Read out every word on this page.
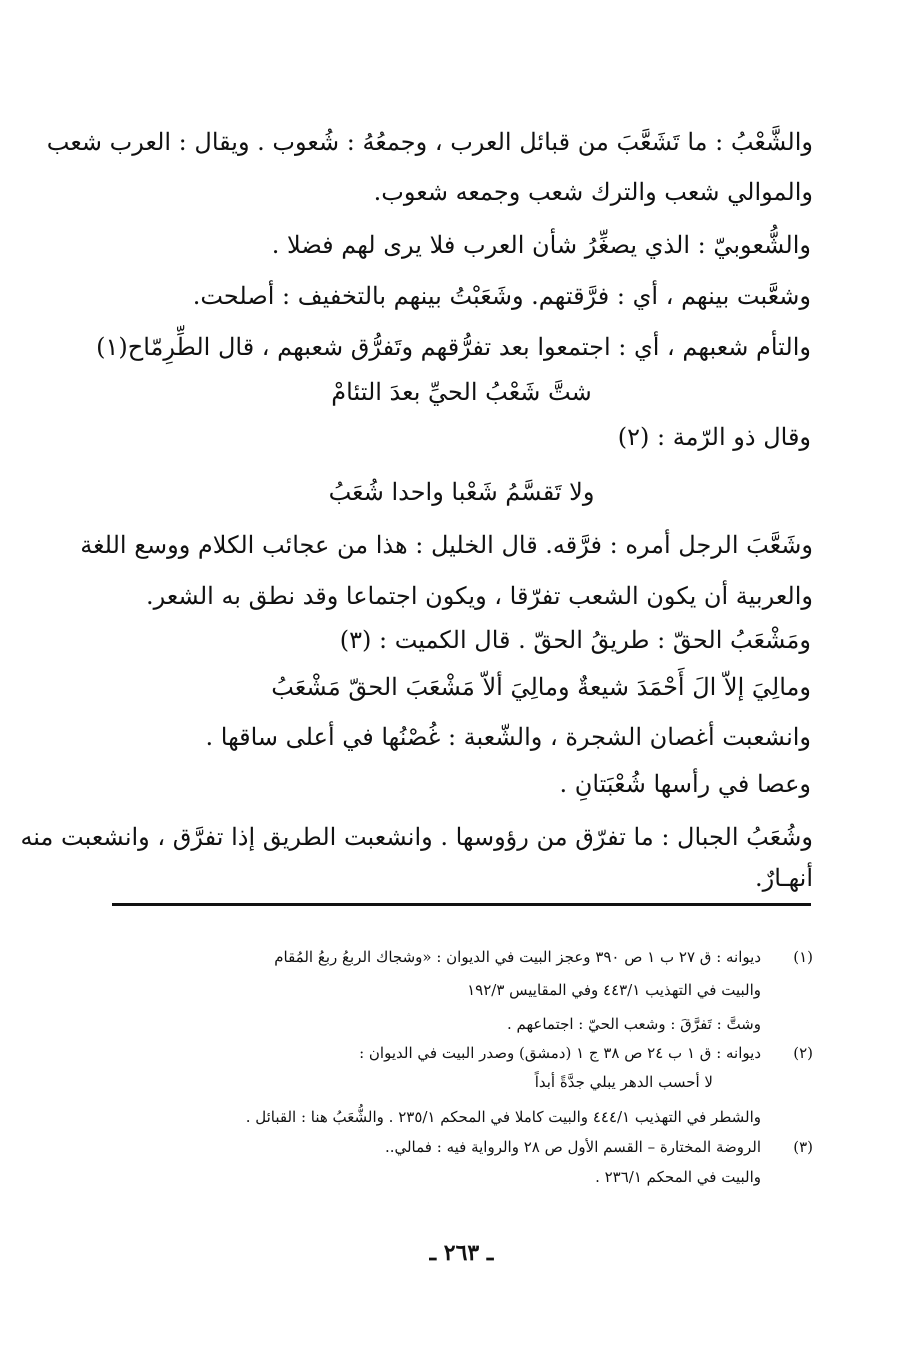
والشَّعْبُ : ما تَشَعَّبَ من قبائل العرب ، وجمعُهُ : شُعوب . ويقال : العرب شعب
والموالي شعب والترك شعب وجمعه شعوب.
والشُّعوبيّ : الذي يصغِّرُ شأن العرب فلا يرى لهم فضلا .
وشعَّبت بينهم ، أي : فرَّقتهم. وشَعَبْتُ بينهم بالتخفيف : أصلحت.
والتأم شعبهم ، أي : اجتمعوا بعد تفرُّقهم وتَفرُّق شعبهم ، قال الطِّرِمّاح(١)
شتَّ شَعْبُ الحيِّ بعدَ التئامْ
وقال ذو الرّمة : (٢)
ولا تَقسَّمُ شَعْبا واحدا شُعَبُ
وشَعَّبَ الرجل أمره : فرَّقه. قال الخليل : هذا من عجائب الكلام ووسع اللغة
والعربية أن يكون الشعب تفرّقا ، ويكون اجتماعا وقد نطق به الشعر.
ومَشْعَبُ الحقّ : طريقُ الحقّ . قال الكميت : (٣)
ومالِيَ إلاّ الَ أَحْمَدَ شيعةٌ ومالِيَ ألاّ مَشْعَبَ الحقّ مَشْعَبُ
وانشعبت أغصان الشجرة ، والشّعبة : غُصْنُها في أعلى ساقها .
وعصا في رأسها شُعْبَتانِ .
وشُعَبُ الجبال : ما تفرّق من رؤوسها . وانشعبت الطريق إذا تفرَّق ، وانشعبت منه
أنهـارٌ.
(١)
ديوانه : ق ٢٧ ب ١ ص ٣٩٠ وعجز البيت في الديوان : «وشجاك الربعُ ربعُ المُقام
والبيت في التهذيب ٤٤٣/١ وفي المقاييس ١٩٢/٣
وشتَّ : تَفرَّقَ : وشعب الحيّ : اجتماعهم .
(٢)
ديوانه : ق ١ ب ٢٤ ص ٣٨ ج ١ (دمشق) وصدر البيت في الديوان :
لا أحسب الدهر يبلي جدَّةً أبداً
والشطر في التهذيب ٤٤٤/١ والبيت كاملا في المحكم ٢٣٥/١ . والشُّعَبُ هنا : القبائل .
(٣)
الروضة المختارة – القسم الأول ص ٢٨ والرواية فيه : فمالي..
والبيت في المحكم ٢٣٦/١ .
ـ ٢٦٣ ـ
